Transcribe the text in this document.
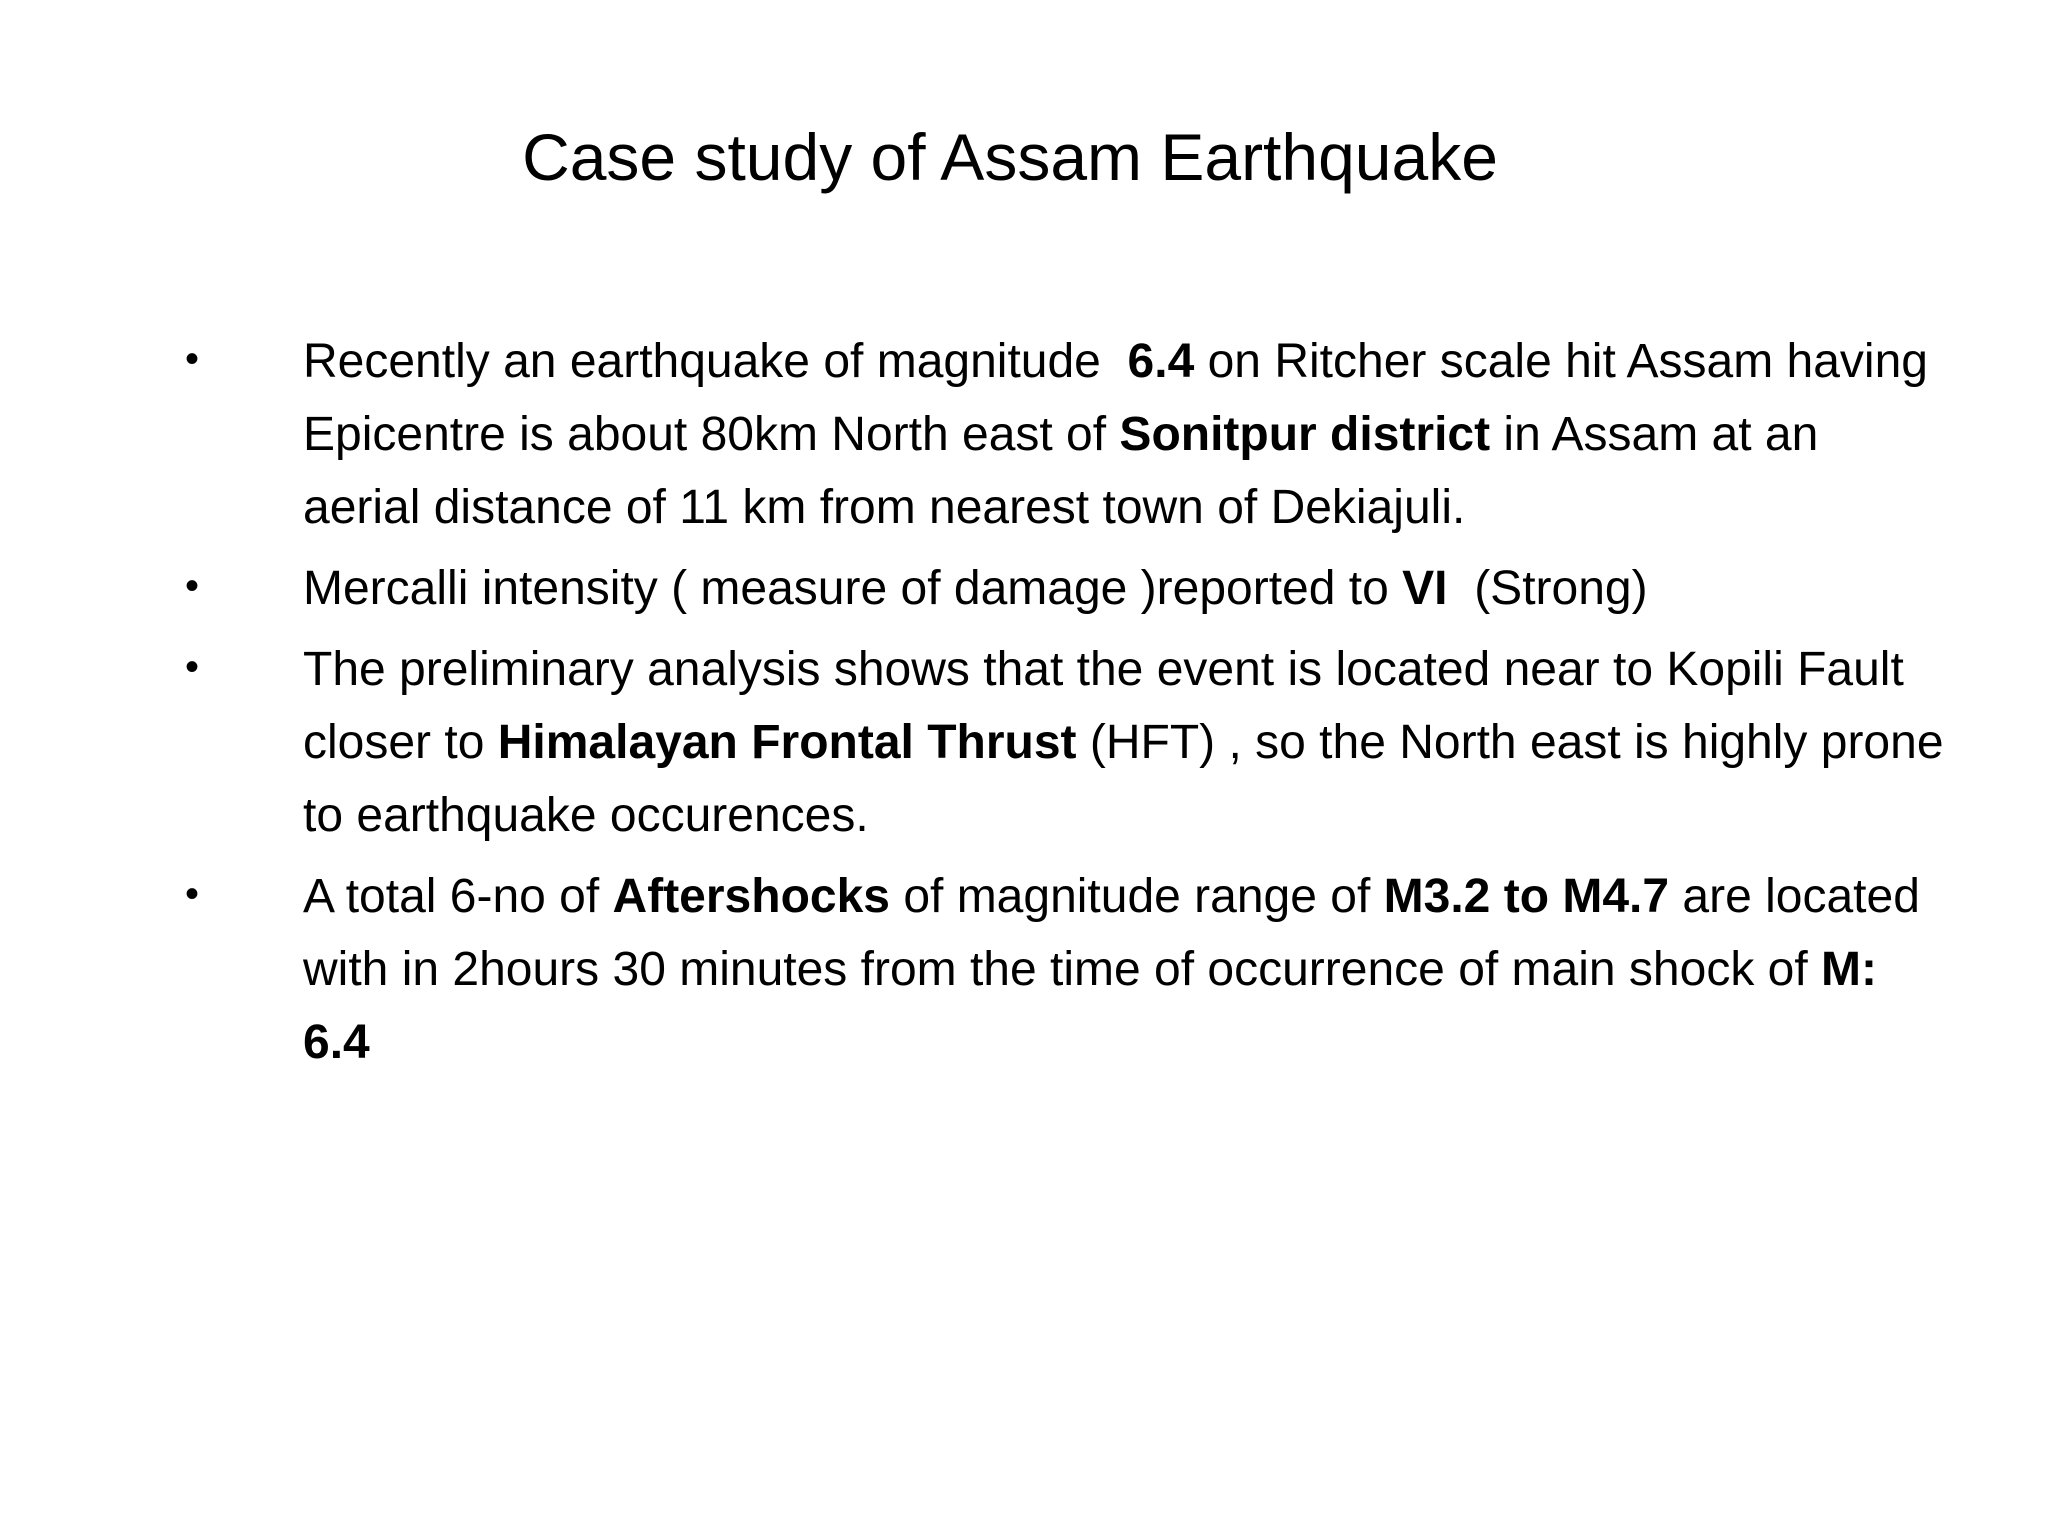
Case study of Assam Earthquake
•	Recently an earthquake of magnitude  6.4 on Ritcher scale hit Assam having Epicentre is about 80km North east of Sonitpur district in Assam at an aerial distance of 11 km from nearest town of Dekiajuli.
•	Mercalli intensity ( measure of damage )reported to VI  (Strong)
•	The preliminary analysis shows that the event is located near to Kopili Fault closer to Himalayan Frontal Thrust (HFT) , so the North east is highly prone to earthquake occurences.
•	A total 6-no of Aftershocks of magnitude range of M3.2 to M4.7 are located with in 2hours 30 minutes from the time of occurrence of main shock of M: 6.4
